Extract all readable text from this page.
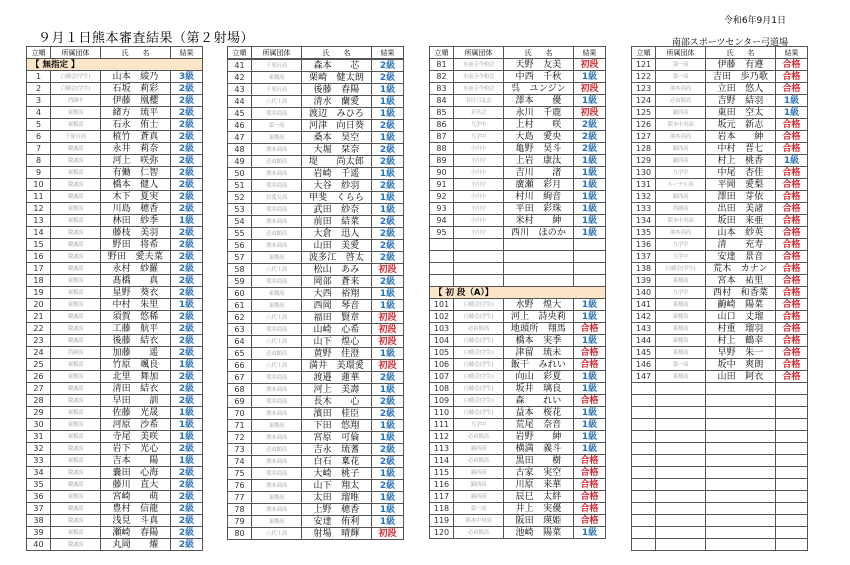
９月１日熊本審査結果（第２射場）
令和6年9月1日
南部スポーツセンター弓道場
立順	所属団体	氏　　名	結果
【 無指定 】			
1	白藤会(学生)	山本　綾乃	3級
2	白藤会(学生)	石坂　莉彩	2級
3	尚絅中	伊藤　凰櫻	2級
4	東稜高	緒方　琉平	2級
5	東稜高	石永　侑士	2級
6	千原台高	植竹　蒼真	2級
7	慶誠高	永井　莉奈	2級
8	慶誠高	河上　咲弥	2級
9	東稜高	有働　仁智	2級
10	慶誠高	橋本　健人	2級
11	慶誠高	木下　夏実	2級
12	東稜高	川島　穂香	2級
13	東稜高	林田　紗季	1級
14	慶誠高	藤枝　美羽	2級
15	慶誠高	野田　将希	2級
16	慶誠高	野田　愛夫菜	2級
17	慶誠高	永村　紗羅	2級
18	東稜高	髙橋　　真	2級
19	東稜高	星野　葵衣	2級
20	東稜高	中村　朱里	1級
21	慶誠高	須賀　悠稀	2級
22	慶誠高	工藤　航平	2級
23	慶誠高	後藤　結衣	2級
24	尚絅高	加藤　　遥	2級
25	東稜高	竹原　颯良	1級
26	東稜高	北里　舞加	2級
27	慶誠高	清田　結衣	2級
28	慶誠高	早田　　訓	2級
29	東稜高	佐藤　光晟	1級
30	東稜高	河原　沙希	1級
31	東稜高	寺尾　美咲	1級
32	慶誠高	岩下　光心	2級
33	東稜高	吉本　　陽	1級
34	慶誠高	嚢田　心海	2級
35	慶誠高	藤川　直大	2級
36	東稜高	宮崎　　萌	2級
37	慶誠高	豊村　信龍	2級
38	慶誠高	浅見　斗真	2級
39	東稜高	瀬崎　春陽	2級
40	慶誠高	丸岡　　燿	2級
立順	所属団体	氏　　名	結果

41	千原台高	森本　　芯	2級
42	東稜高	栗崎　健太朗	2級
43	千原台高	後藤　春陽	1級
44	八代工高	清水　蘭愛	1級
45	熊本商高	渡辺　みひろ	1級
46	第一高	河津　向日葵	2級
47	東稜高	桑本　昊空	1級
48	熊本商高	大堀　栞奈	2級
49	必由館高	堤　　尚太郎	2級
50	熊本商高	岩崎　千遥	1級
51	熊本商高	大谷　紗羽	2級
52	信愛女高	甲斐　くらら	1級
53	熊本商高	武田　紗奈	1級
54	熊本商高	前田　結菜	2級
55	必由館高	大倉　迅人	2級
56	熊本商高	山田　美愛	2級
57	東稜高	波多江　啓太	2級
58	八代工高	松山　あみ	初段
59	熊本商高	岡部　蒼来	2級
60	東稜高	大西　裕翔	1級
61	東稜高	西岡　琴音	1級
62	八代工高	福田　賢章	初段
63	熊本商高	山崎　心希	初段
64	八代工高	山下　煌心	初段
65	必由館高	黄野　佳澄	1級
66	八代工高	満井　美環愛	初段
67	熊本商高	渡邉　蓮華	2級
68	熊本商高	河上　美壽	1級
69	熊本商高	長木　　心	2級
70	熊本商高	濱田　桂臣	2級
71	東稜高	下田　悠翔	1級
72	熊本商高	宮原　可倫	1級
73	必由館高	吉永　琉蓍	2級
74	熊本商高	白石　稟花	2級
75	熊本商高	大崎　桃子	1級
76	熊本商高	山下　翔太	2級
77	東稜高	太田　瑠唯	1級
78	熊本商高	上野　穂香	1級
79	東稜高	安達　侑利	1級
80	八代工高	射場　晴輝	初段
立順	所属団体	氏　　名	結果
81	水前寺今和会	天野　友美	初段
82	水前寺今和会	中西　千秋	1級
83	水前寺今和会	呉　ユンジン	初段
84	春日弓友会	澤本　　優	1級
85	若宮会	永川　千鹿	初段
86	九学中	上村　　咲	2級
87	九学中	大島　愛央	2級
88	小川中	亀野　昊斗	2級
89	小川中	上岩　康汰	1級
90	小川中	吉川　　渚	1級
91	小川中	廣瀬　彩月	1級
92	小川中	村川　絢音	1級
93	小川中	平田　彩珠	1級
94	小川中	米村　　紳	1級
95	小川中	西川　ほのか	1級

【 初 段（A）】			
101	白藤会(学生)	水野　煌大	1級
102	白藤会(学生)	河上　詩央莉	1級
103	必由館高	地頭所　翔馬	合格
104	白藤会(学生)	橋本　実季	1級
105	白藤会(学生)	津留　琉未	合格
106	白藤会(学生)	飯干　みれい	合格
107	白藤会(学生)	向山　彩夏	1級
108	白藤会(学生)	坂井　璃良	1級
109	白藤会(学生)	森　　れい	合格
110	白藤会(学生)	益本　桜花	1級
111	九学中	荒尾　奈音	1級
112	必由館高	岩野　　紳	1級
113	鎮西高	横満　義斗	1級
114	必由館高	黒田　　樹	合格
115	鎮西高	古家　実空	合格
116	鎮西高	川原　来華	合格
117	鎮西高	辰巳　太絆	合格
118	第一高	井上　実優	合格
119	熊本中央高	阪田　瑛姫	合格
120	必由館高	池崎　陽菜	1級
立順	所属団体	氏　　名	結果
121	第一高	伊藤　有遵	合格
122	第一高	吉田　歩乃歌	合格
123	熊本商高	立田　悠人	合格
124	必由館高	吉野　結羽	1級
125	鎮西高	東田　空太	1級
126	熊本中央高	坂元　新志	合格
127	熊本商高	岩本　　紳	合格
128	鎮西高	中村　晋七	合格
129	鎮西高	村上　桃香	1級
130	九学中	中尾　杏佳	合格
131	ルーテル高	平岡　愛梨	合格
132	鎮西高	澤田　芽依	合格
133	尚絅高	出田　美諸	合格
134	熊本中央高	坂田　来亜	合格
135	熊本商高	山本　紗英	合格
136	九学中	清　　充寿	合格
137	九学中	安達　景音	合格
138	白藤会(学生)	荒木　カナン	合格
139	東稜高	宮本　祐里	合格
140	九学中	西村　和香菜	合格
141	東稜高	齣崎　陽菜	合格
142	東稜高	山口　丈瑠	合格
143	東稜高	村重　瑠羽	合格
144	東稜高	村上　鶴幸	合格
145	東稜高	早野　朱一	合格
146	第一高	坂中　爽朗	合格
147	東稜高	山田　阿衣	合格
